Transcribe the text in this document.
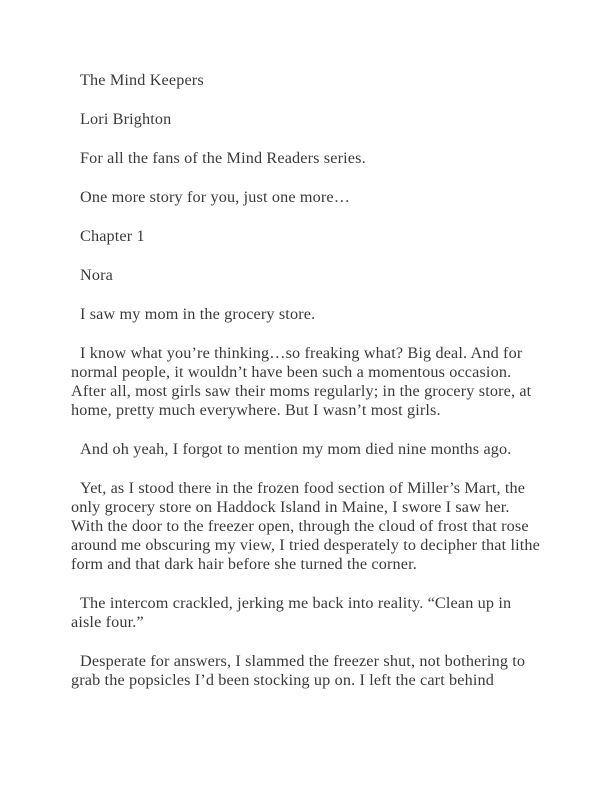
The Mind Keepers

Lori Brighton

For all the fans of the Mind Readers series.

One more story for you, just one more…

Chapter 1

Nora

I saw my mom in the grocery store.

I know what you’re thinking…so freaking what? Big deal. And for normal people, it wouldn’t have been such a momentous occasion. After all, most girls saw their moms regularly; in the grocery store, at home, pretty much everywhere. But I wasn’t most girls.

And oh yeah, I forgot to mention my mom died nine months ago.

Yet, as I stood there in the frozen food section of Miller’s Mart, the only grocery store on Haddock Island in Maine, I swore I saw her. With the door to the freezer open, through the cloud of frost that rose around me obscuring my view, I tried desperately to decipher that lithe form and that dark hair before she turned the corner.

The intercom crackled, jerking me back into reality. “Clean up in aisle four.”

Desperate for answers, I slammed the freezer shut, not bothering to grab the popsicles I’d been stocking up on. I left the cart behind
